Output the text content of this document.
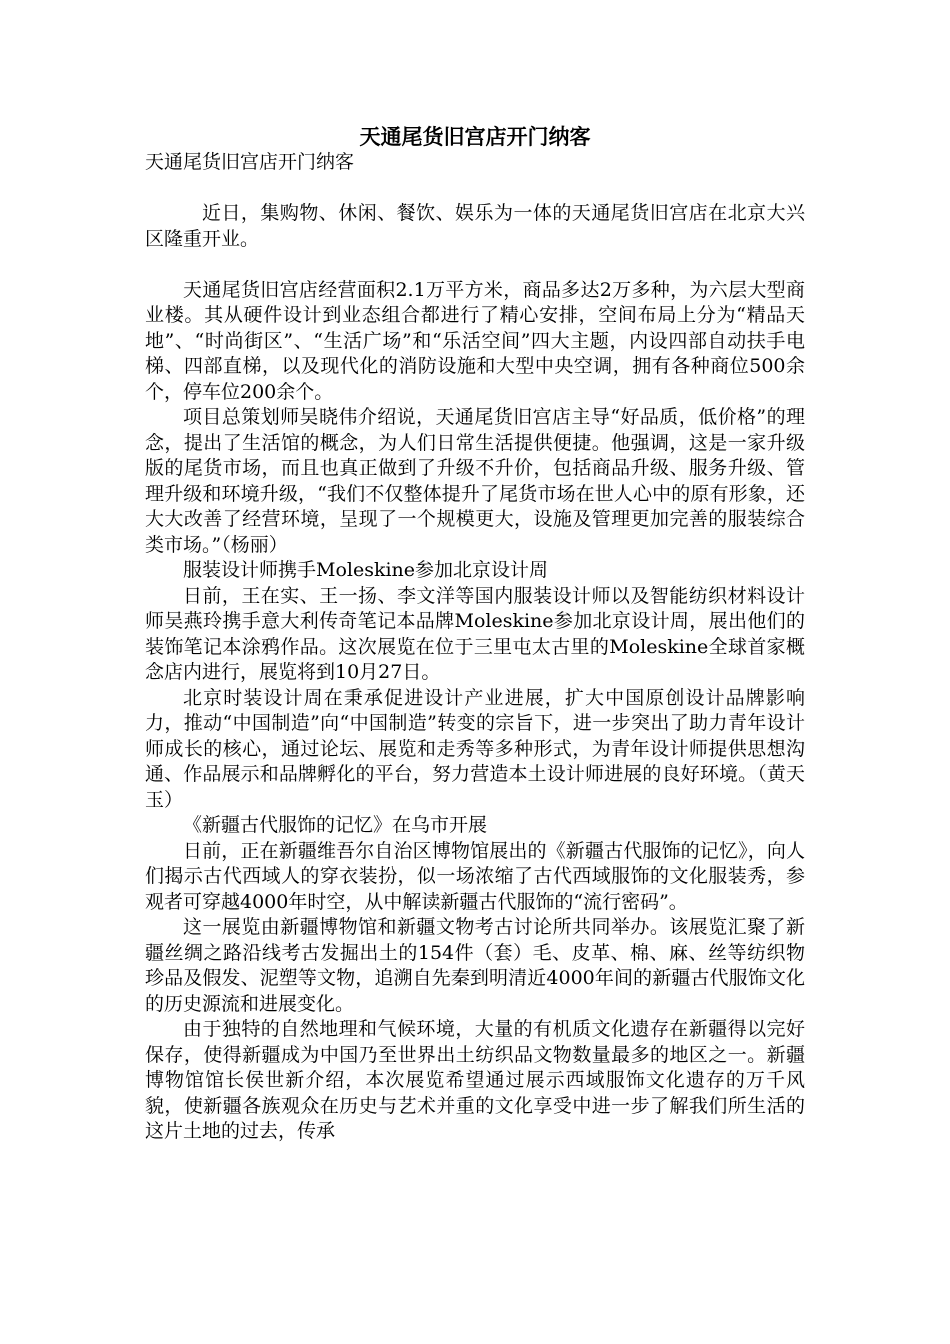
天通尾货旧宫店开门纳客

天通尾货旧宫店开门纳客

近日，集购物、休闲、餐饮、娱乐为一体的天通尾货旧宫店在北京大兴区隆重开业。

天通尾货旧宫店经营面积2.1万平方米，商品多达2万多种，为六层大型商业楼。其从硬件设计到业态组合都进行了精心安排，空间布局上分为“精品天地”、“时尚街区”、“生活广场”和“乐活空间”四大主题，内设四部自动扶手电梯、四部直梯，以及现代化的消防设施和大型中央空调，拥有各种商位500余个，停车位200余个。

项目总策划师吴晓伟介绍说，天通尾货旧宫店主导“好品质，低价格”的理念，提出了生活馆的概念，为人们日常生活提供便捷。他强调，这是一家升级版的尾货市场，而且也真正做到了升级不升价，包括商品升级、服务升级、管理升级和环境升级，“我们不仅整体提升了尾货市场在世人心中的原有形象，还大大改善了经营环境，呈现了一个规模更大，设施及管理更加完善的服装综合类市场。”（杨丽）

服装设计师携手Moleskine参加北京设计周

日前，王在实、王一扬、李文洋等国内服装设计师以及智能纺织材料设计师吴燕玲携手意大利传奇笔记本品牌Moleskine参加北京设计周，展出他们的装饰笔记本涂鸦作品。这次展览在位于三里屯太古里的Moleskine全球首家概念店内进行，展览将到10月27日。

北京时装设计周在秉承促进设计产业进展，扩大中国原创设计品牌影响力，推动“中国制造”向“中国制造”转变的宗旨下，进一步突出了助力青年设计师成长的核心，通过论坛、展览和走秀等多种形式，为青年设计师提供思想沟通、作品展示和品牌孵化的平台，努力营造本土设计师进展的良好环境。（黄天玉）

《新疆古代服饰的记忆》在乌市开展

日前，正在新疆维吾尔自治区博物馆展出的《新疆古代服饰的记忆》，向人们揭示古代西域人的穿衣装扮，似一场浓缩了古代西域服饰的文化服装秀，参观者可穿越4000年时空，从中解读新疆古代服饰的“流行密码”。

这一展览由新疆博物馆和新疆文物考古讨论所共同举办。该展览汇聚了新疆丝绸之路沿线考古发掘出土的154件（套）毛、皮革、棉、麻、丝等纺织物珍品及假发、泥塑等文物，追溯自先秦到明清近4000年间的新疆古代服饰文化的历史源流和进展变化。

由于独特的自然地理和气候环境，大量的有机质文化遗存在新疆得以完好保存，使得新疆成为中国乃至世界出土纺织品文物数量最多的地区之一。新疆博物馆馆长侯世新介绍，本次展览希望通过展示西域服饰文化遗存的万千风貌，使新疆各族观众在历史与艺术并重的文化享受中进一步了解我们所生活的这片土地的过去，传承
